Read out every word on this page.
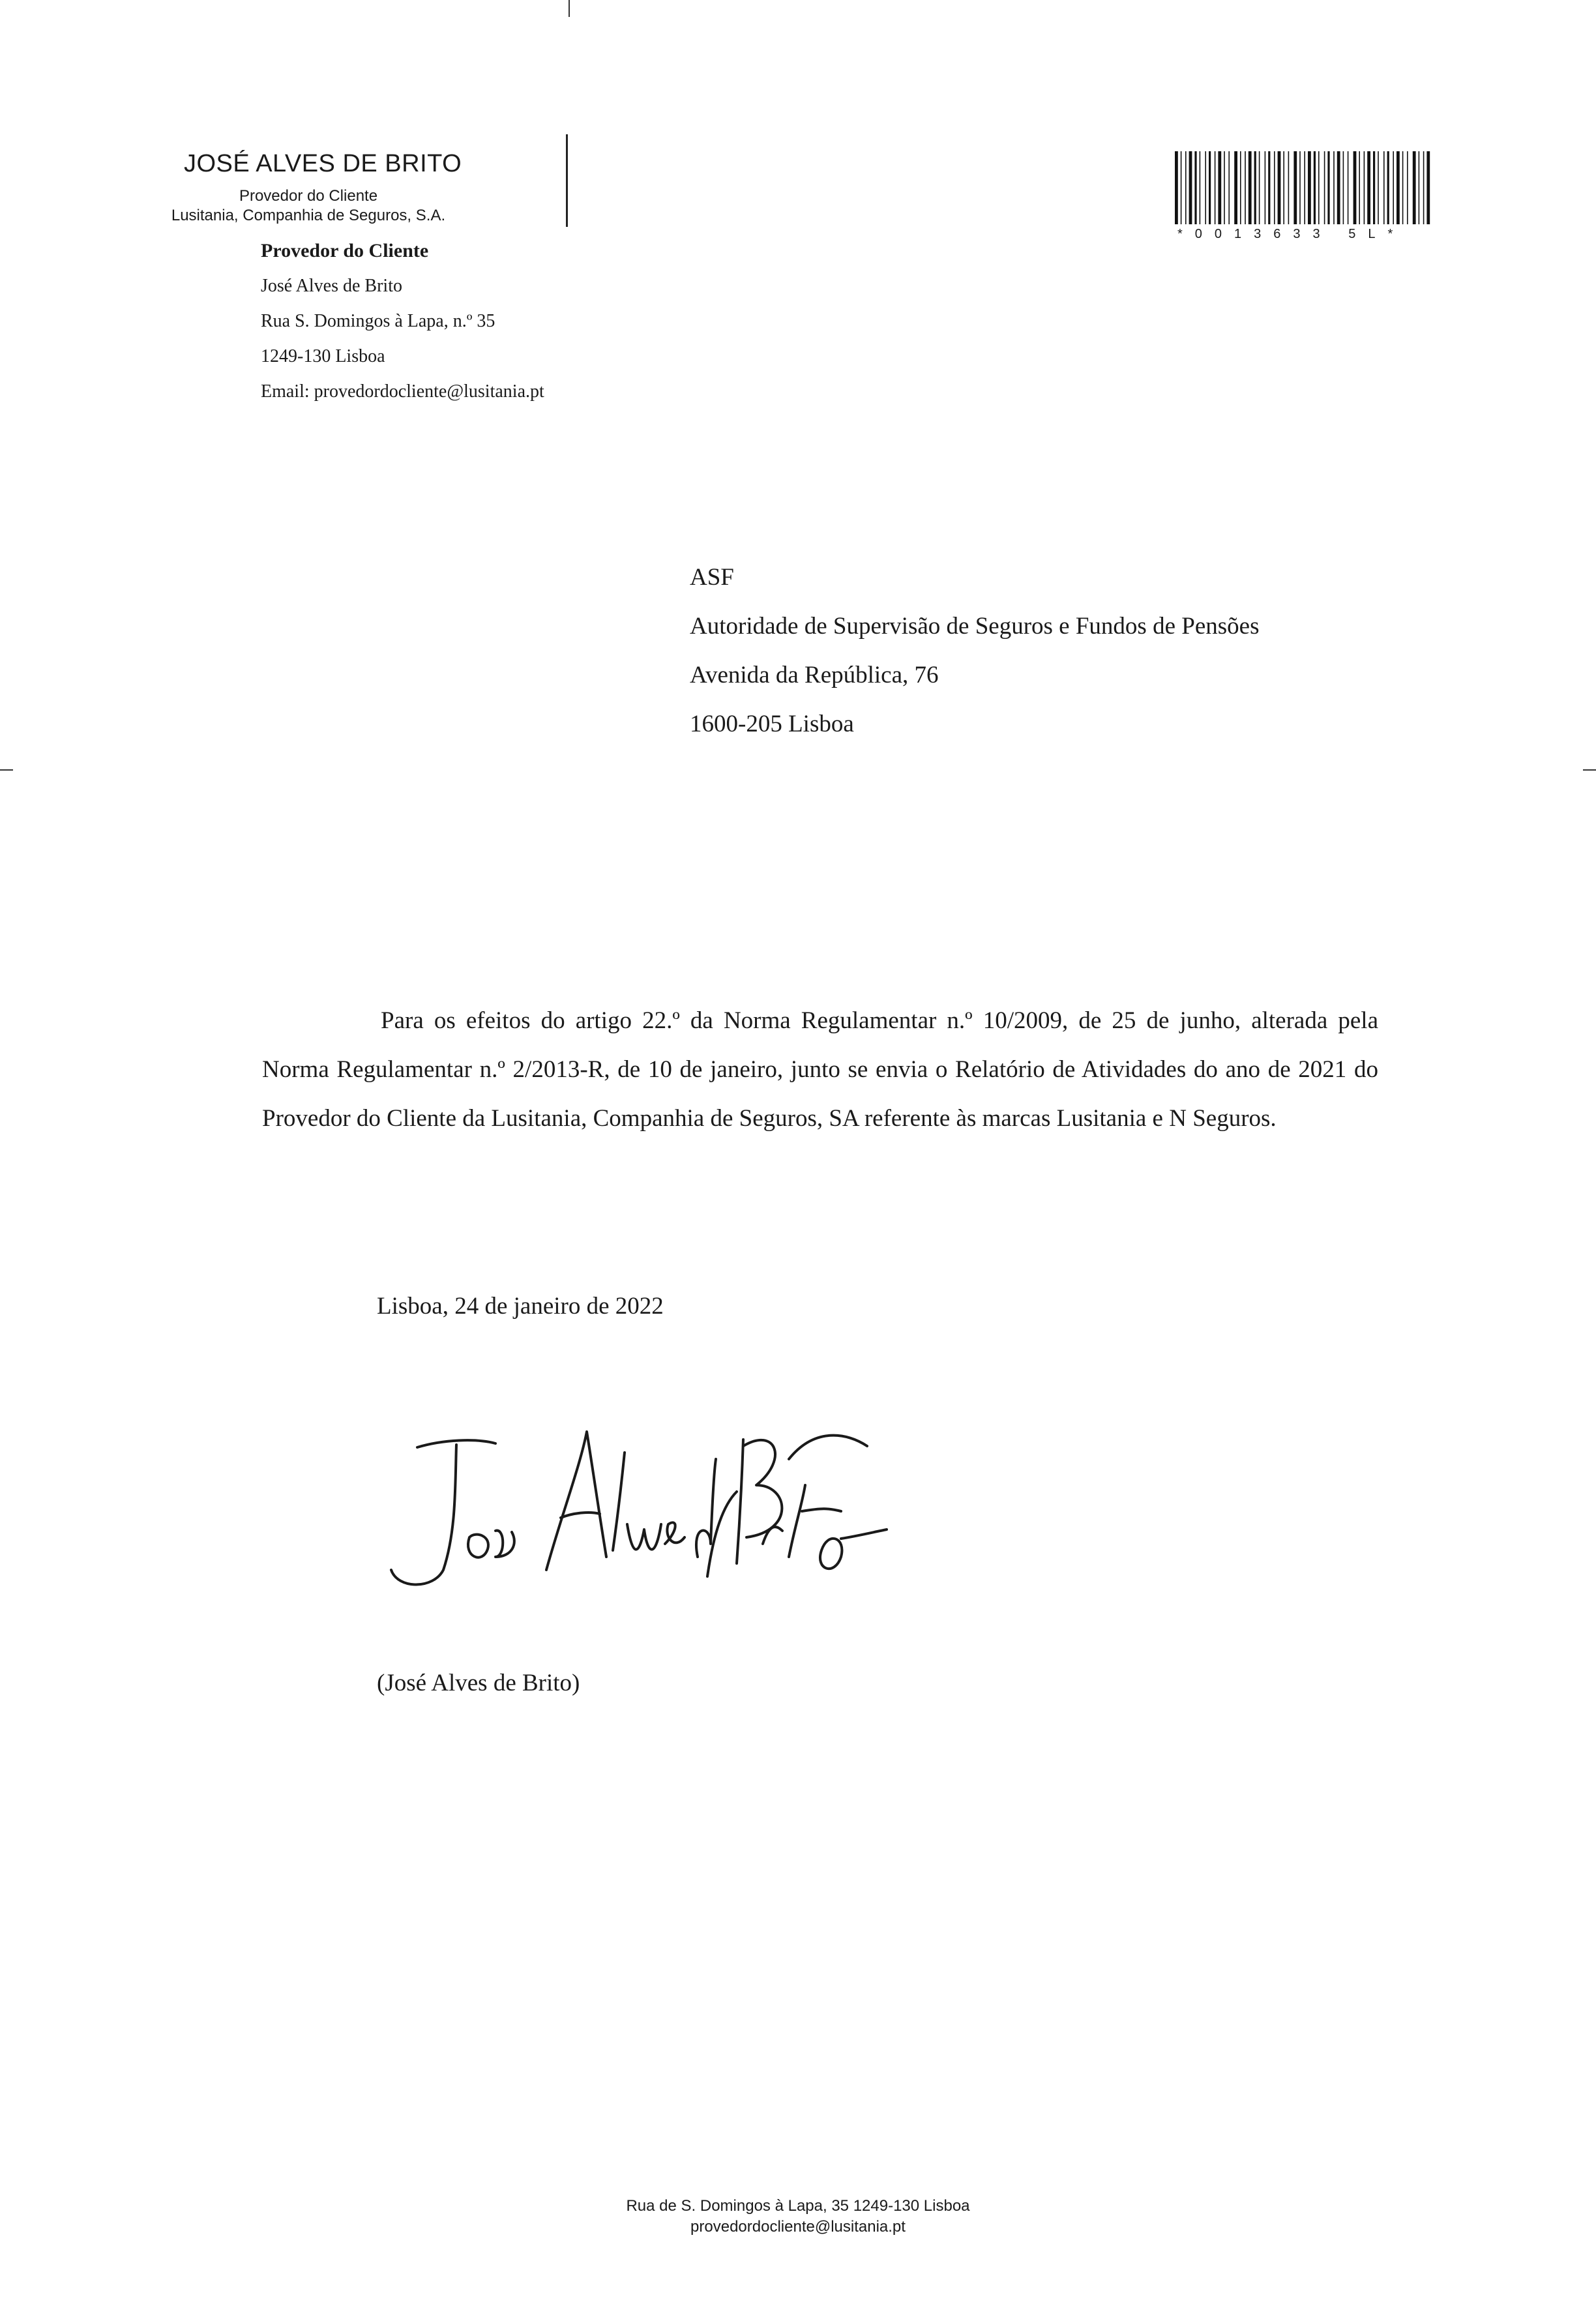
JOSÉ ALVES DE BRITO
Provedor do Cliente
Lusitania, Companhia de Seguros, S.A.
Provedor do Cliente
José Alves de Brito
Rua S. Domingos à Lapa, n.º 35
1249-130 Lisboa
Email: provedordocliente@lusitania.pt
*0013633 5L*
ASF
Autoridade de Supervisão de Seguros e Fundos de Pensões
Avenida da República, 76
1600-205 Lisboa
Para os efeitos do artigo 22.º da Norma Regulamentar n.º 10/2009, de 25 de junho, alterada pela Norma Regulamentar n.º 2/2013-R, de 10 de janeiro, junto se envia o Relatório de Atividades do ano de 2021 do Provedor do Cliente da Lusitania, Companhia de Seguros, SA referente às marcas Lusitania e N Seguros.
Lisboa, 24 de janeiro de 2022
(José Alves de Brito)
Rua de S. Domingos à Lapa, 35 1249-130 Lisboa
provedordocliente@lusitania.pt
